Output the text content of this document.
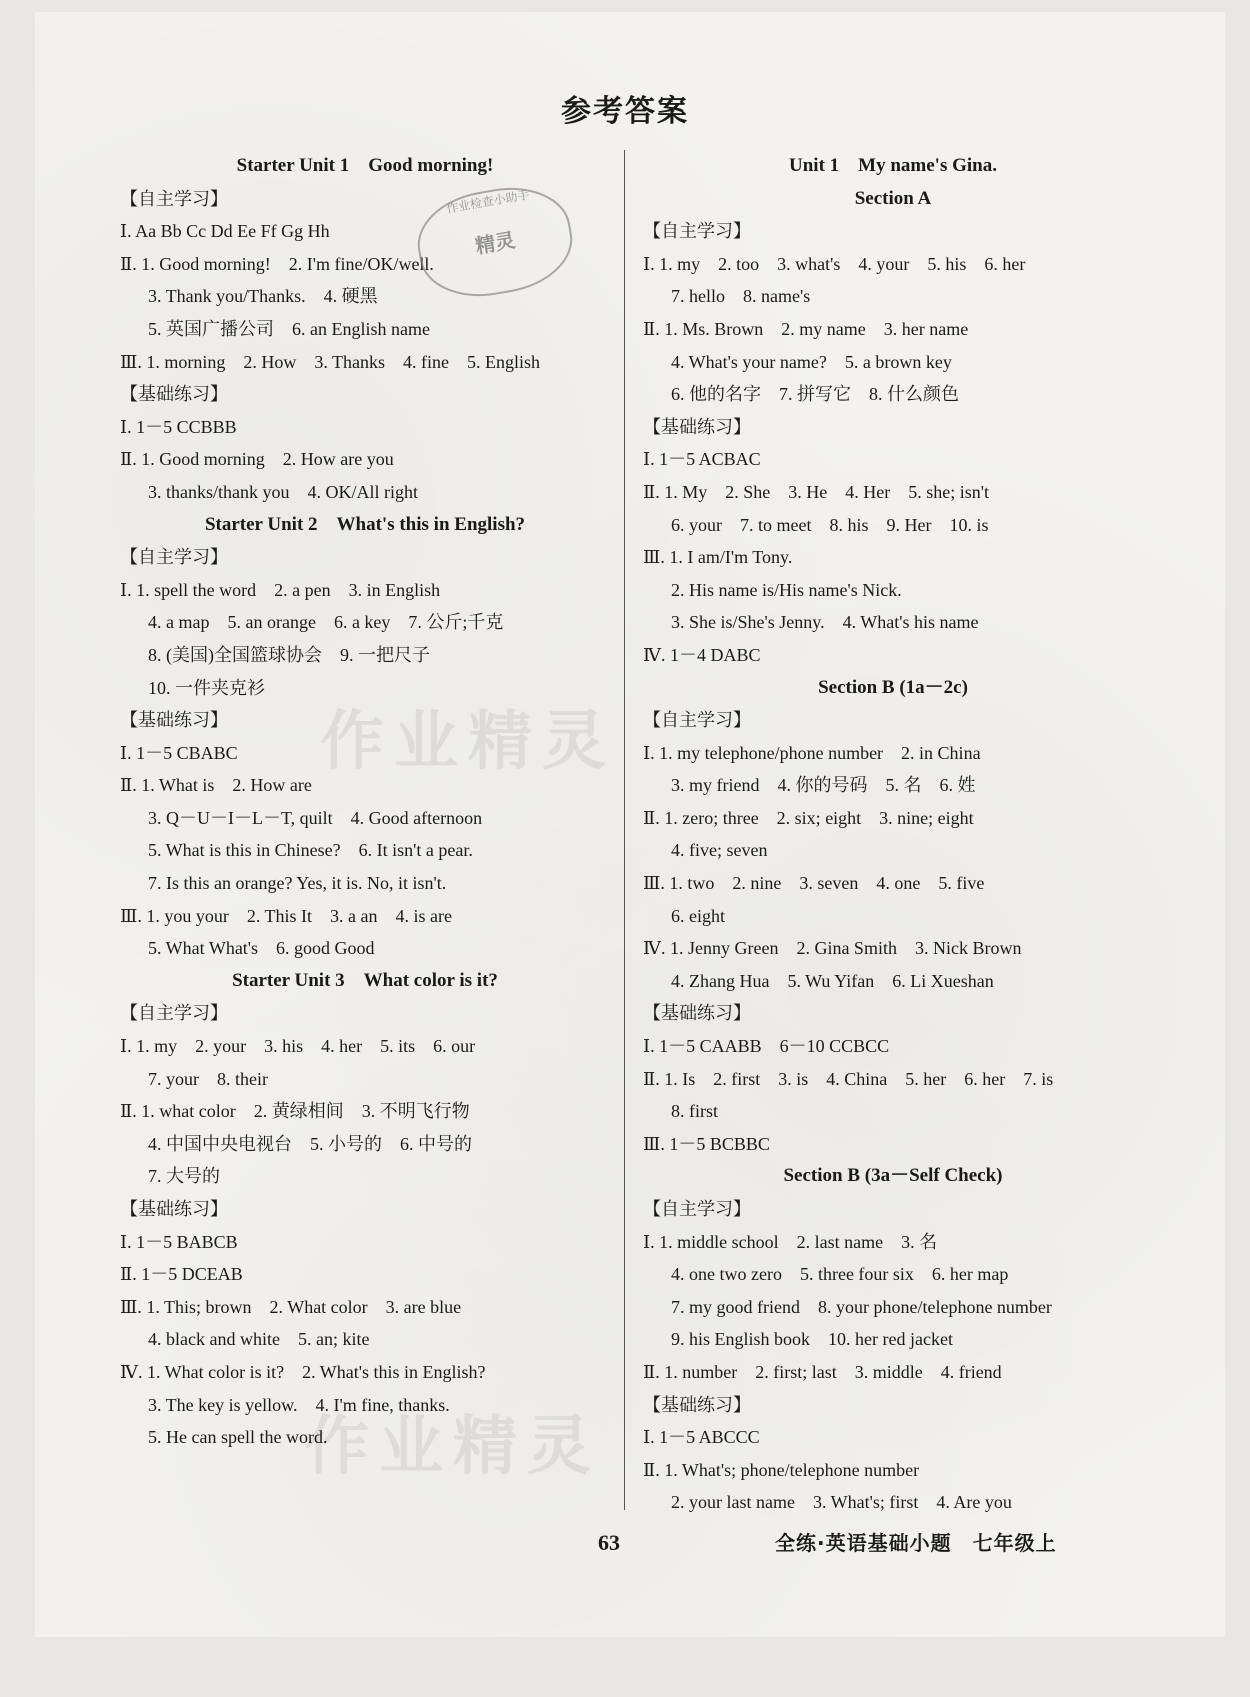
参考答案
Starter Unit 1　Good morning!
【自主学习】
Ⅰ. Aa Bb Cc Dd Ee Ff Gg Hh
Ⅱ. 1. Good morning!　2. I'm fine/OK/well.
3. Thank you/Thanks.　4. 硬黑
5. 英国广播公司　6. an English name
Ⅲ. 1. morning　2. How　3. Thanks　4. fine　5. English
【基础练习】
Ⅰ. 1－5 CCBBB
Ⅱ. 1. Good morning　2. How are you
3. thanks/thank you　4. OK/All right
Starter Unit 2　What's this in English?
【自主学习】
Ⅰ. 1. spell the word　2. a pen　3. in English
4. a map　5. an orange　6. a key　7. 公斤;千克
8. (美国)全国篮球协会　9. 一把尺子
10. 一件夹克衫
【基础练习】
Ⅰ. 1－5 CBABC
Ⅱ. 1. What is　2. How are
3. Q－U－I－L－T, quilt　4. Good afternoon
5. What is this in Chinese?　6. It isn't a pear.
7. Is this an orange? Yes, it is. No, it isn't.
Ⅲ. 1. you your　2. This It　3. a an　4. is are
5. What What's　6. good Good
Starter Unit 3　What color is it?
【自主学习】
Ⅰ. 1. my　2. your　3. his　4. her　5. its　6. our
7. your　8. their
Ⅱ. 1. what color　2. 黄绿相间　3. 不明飞行物
4. 中国中央电视台　5. 小号的　6. 中号的
7. 大号的
【基础练习】
Ⅰ. 1－5 BABCB
Ⅱ. 1－5 DCEAB
Ⅲ. 1. This; brown　2. What color　3. are blue
4. black and white　5. an; kite
Ⅳ. 1. What color is it?　2. What's this in English?
3. The key is yellow.　4. I'm fine, thanks.
5. He can spell the word.
Unit 1　My name's Gina.
Section A
【自主学习】
Ⅰ. 1. my　2. too　3. what's　4. your　5. his　6. her
7. hello　8. name's
Ⅱ. 1. Ms. Brown　2. my name　3. her name
4. What's your name?　5. a brown key
6. 他的名字　7. 拼写它　8. 什么颜色
【基础练习】
Ⅰ. 1－5 ACBAC
Ⅱ. 1. My　2. She　3. He　4. Her　5. she; isn't
6. your　7. to meet　8. his　9. Her　10. is
Ⅲ. 1. I am/I'm Tony.
2. His name is/His name's Nick.
3. She is/She's Jenny.　4. What's his name
Ⅳ. 1－4 DABC
Section B (1a－2c)
【自主学习】
Ⅰ. 1. my telephone/phone number　2. in China
3. my friend　4. 你的号码　5. 名　6. 姓
Ⅱ. 1. zero; three　2. six; eight　3. nine; eight
4. five; seven
Ⅲ. 1. two　2. nine　3. seven　4. one　5. five
6. eight
Ⅳ. 1. Jenny Green　2. Gina Smith　3. Nick Brown
4. Zhang Hua　5. Wu Yifan　6. Li Xueshan
【基础练习】
Ⅰ. 1－5 CAABB　6－10 CCBCC
Ⅱ. 1. Is　2. first　3. is　4. China　5. her　6. her　7. is
8. first
Ⅲ. 1－5 BCBBC
Section B (3a－Self Check)
【自主学习】
Ⅰ. 1. middle school　2. last name　3. 名
4. one two zero　5. three four six　6. her map
7. my good friend　8. your phone/telephone number
9. his English book　10. her red jacket
Ⅱ. 1. number　2. first; last　3. middle　4. friend
【基础练习】
Ⅰ. 1－5 ABCCC
Ⅱ. 1. What's; phone/telephone number
2. your last name　3. What's; first　4. Are you
作业检查小助手
精灵
作业精灵
作业精灵
63	全练·英语基础小题　七年级上
